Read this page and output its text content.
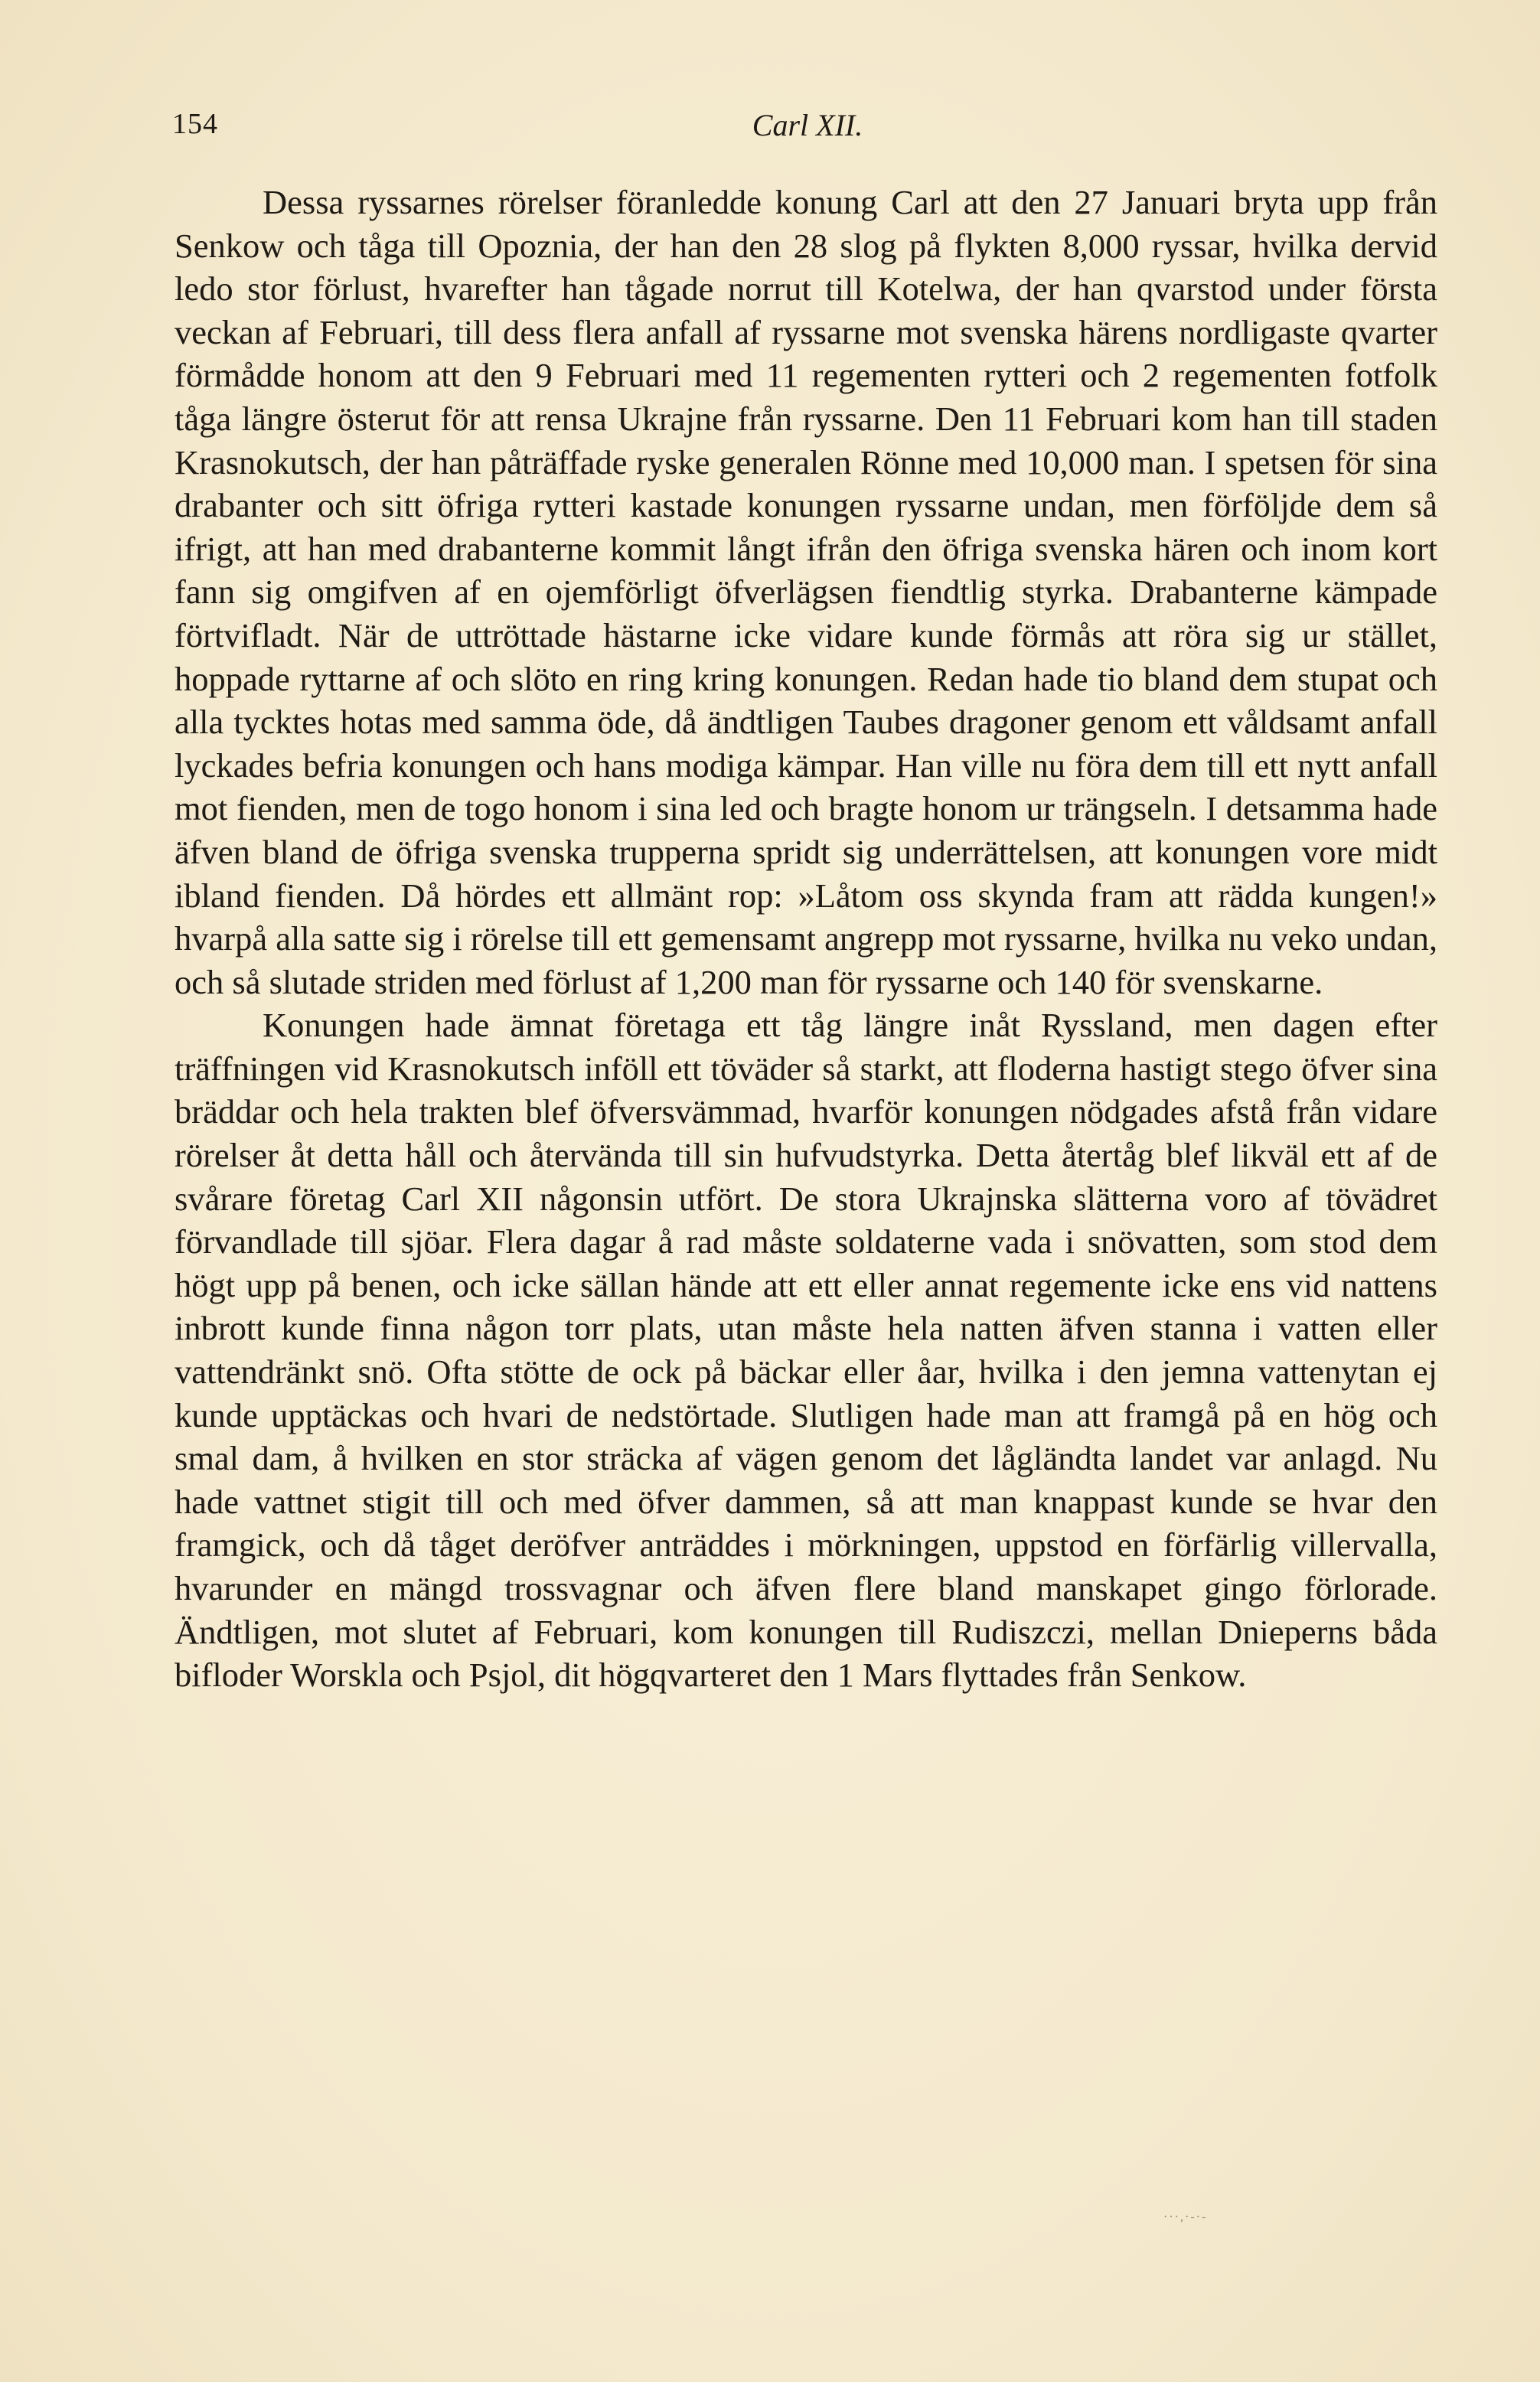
154	Carl XII.

Dessa ryssarnes rörelser föranledde konung Carl att den 27 Januari bryta upp från Senkow och tåga till Opoznia, der han den 28 slog på flykten 8,000 ryssar, hvilka dervid ledo stor förlust, hvarefter han tågade norrut till Kotelwa, der han qvarstod under första veckan af Februari, till dess flera anfall af ryssarne mot svenska härens nordligaste qvarter förmådde honom att den 9 Februari med 11 regementen rytteri och 2 regementen fotfolk tåga längre österut för att rensa Ukrajne från ryssarne. Den 11 Februari kom han till staden Krasnokutsch, der han påträffade ryske generalen Rönne med 10,000 man. I spetsen för sina drabanter och sitt öfriga rytteri kastade konungen ryssarne undan, men förföljde dem så ifrigt, att han med drabanterne kommit långt ifrån den öfriga svenska hären och inom kort fann sig omgifven af en ojemförligt öfverlägsen fiendtlig styrka. Drabanterne kämpade förtvifladt. När de uttröttade hästarne icke vidare kunde förmås att röra sig ur stället, hoppade ryttarne af och slöto en ring kring konungen. Redan hade tio bland dem stupat och alla tycktes hotas med samma öde, då ändtligen Taubes dragoner genom ett våldsamt anfall lyckades befria konungen och hans modiga kämpar. Han ville nu föra dem till ett nytt anfall mot fienden, men de togo honom i sina led och bragte honom ur trängseln. I detsamma hade äfven bland de öfriga svenska trupperna spridt sig underrättelsen, att konungen vore midt ibland fienden. Då hördes ett allmänt rop: »Låtom oss skynda fram att rädda kungen!» hvarpå alla satte sig i rörelse till ett gemensamt angrepp mot ryssarne, hvilka nu veko undan, och så slutade striden med förlust af 1,200 man för ryssarne och 140 för svenskarne.

Konungen hade ämnat företaga ett tåg längre inåt Ryssland, men dagen efter träffningen vid Krasnokutsch inföll ett töväder så starkt, att floderna hastigt stego öfver sina bräddar och hela trakten blef öfversvämmad, hvarför konungen nödgades afstå från vidare rörelser åt detta håll och återvända till sin hufvudstyrka. Detta återtåg blef likväl ett af de svårare företag Carl XII någonsin utfört. De stora Ukrajnska slätterna voro af tövädret förvandlade till sjöar. Flera dagar å rad måste soldaterne vada i snövatten, som stod dem högt upp på benen, och icke sällan hände att ett eller annat regemente icke ens vid nattens inbrott kunde finna någon torr plats, utan måste hela natten äfven stanna i vatten eller vattendränkt snö. Ofta stötte de ock på bäckar eller åar, hvilka i den jemna vattenytan ej kunde upptäckas och hvari de nedstörtade. Slutligen hade man att framgå på en hög och smal dam, å hvilken en stor sträcka af vägen genom det lågländta landet var anlagd. Nu hade vattnet stigit till och med öfver dammen, så att man knappast kunde se hvar den framgick, och då tåget deröfver anträddes i mörkningen, uppstod en förfärlig villervalla, hvarunder en mängd trossvagnar och äfven flere bland manskapet gingo förlorade. Ändtligen, mot slutet af Februari, kom konungen till Rudiszczi, mellan Dnieperns båda bifloder Worskla och Psjol, dit högqvarteret den 1 Mars flyttades från Senkow.

···,·-·-
